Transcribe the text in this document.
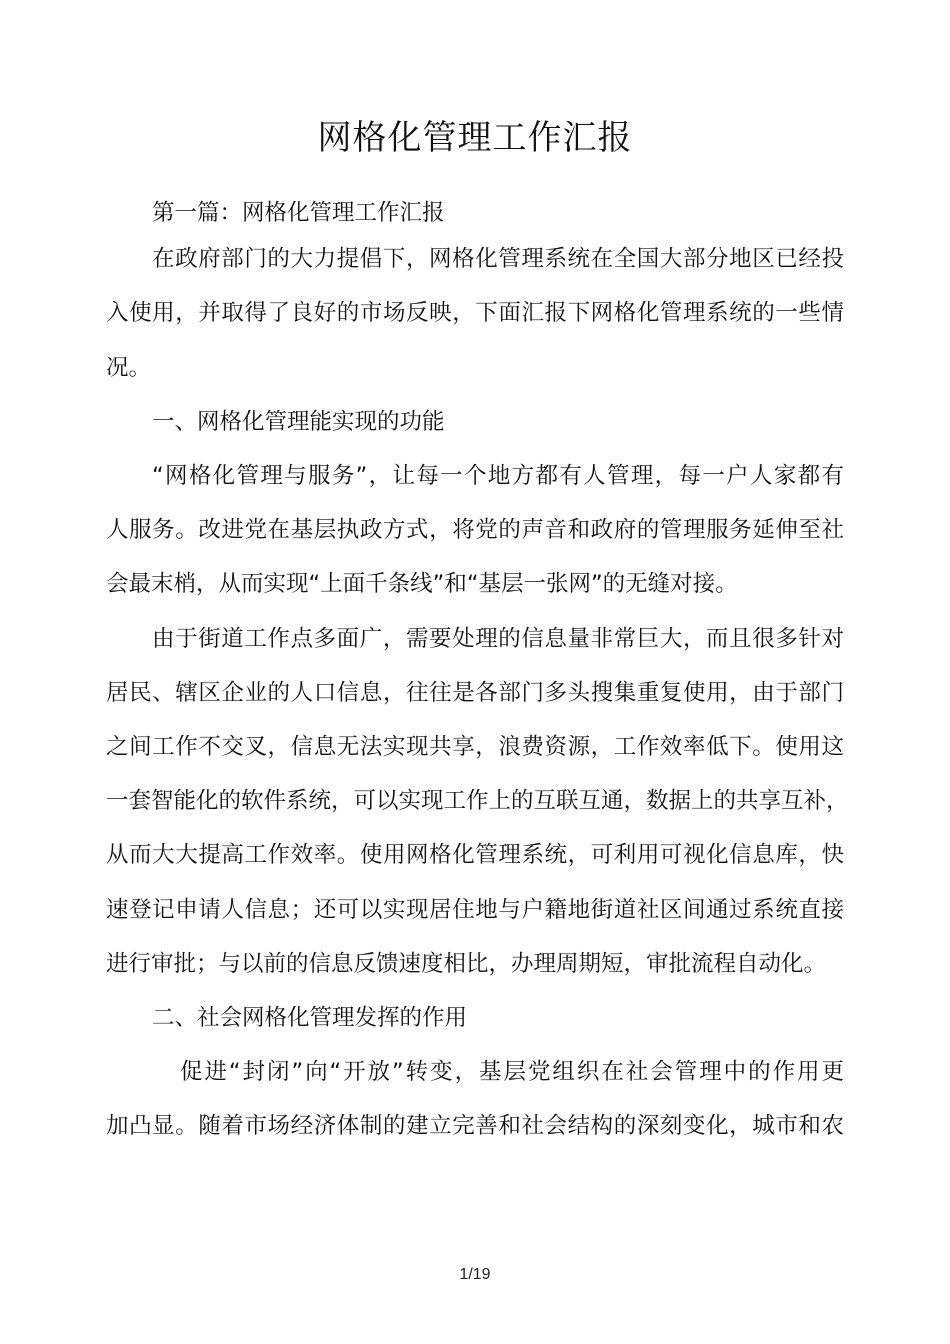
网格化管理工作汇报
第一篇：网格化管理工作汇报
在政府部门的大力提倡下，网格化管理系统在全国大部分地区已经投
入使用，并取得了良好的市场反映，下面汇报下网格化管理系统的一些情
况。
一、网格化管理能实现的功能
“网格化管理与服务”，让每一个地方都有人管理，每一户人家都有
人服务。改进党在基层执政方式，将党的声音和政府的管理服务延伸至社
会最末梢，从而实现“上面千条线”和“基层一张网”的无缝对接。
由于街道工作点多面广，需要处理的信息量非常巨大，而且很多针对
居民、辖区企业的人口信息，往往是各部门多头搜集重复使用，由于部门
之间工作不交叉，信息无法实现共享，浪费资源，工作效率低下。使用这
一套智能化的软件系统，可以实现工作上的互联互通，数据上的共享互补，
从而大大提高工作效率。使用网格化管理系统，可利用可视化信息库，快
速登记申请人信息；还可以实现居住地与户籍地街道社区间通过系统直接
进行审批；与以前的信息反馈速度相比，办理周期短，审批流程自动化。
二、社会网格化管理发挥的作用
促进“封闭”向“开放”转变，基层党组织在社会管理中的作用更
加凸显。随着市场经济体制的建立完善和社会结构的深刻变化，城市和农
1/19
